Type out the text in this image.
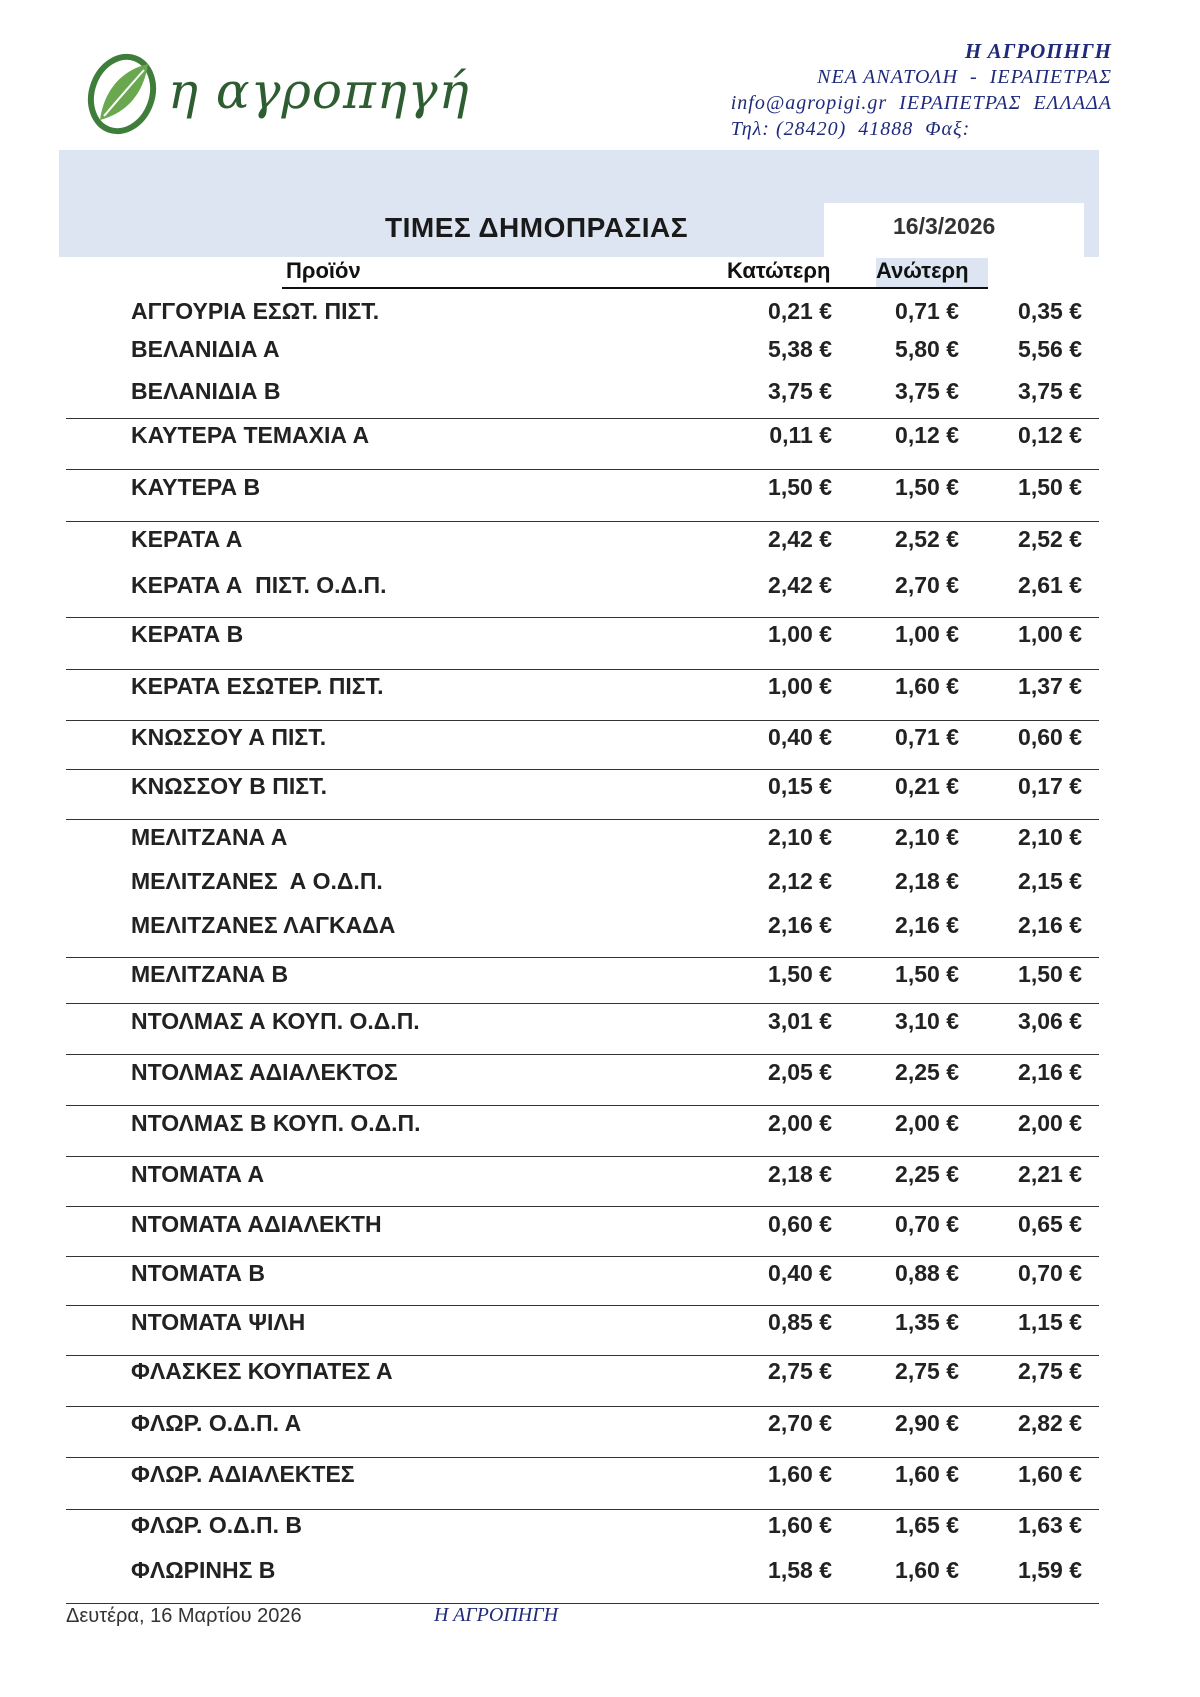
η αγροπηγή
Η ΑΓΡΟΠΗΓΗ
ΝΕΑ ΑΝΑΤΟΛΗ  -  ΙΕΡΑΠΕΤΡΑΣ
info@agropigi.gr  ΙΕΡΑΠΕΤΡΑΣ  ΕΛΛΑΔΑ
Τηλ: (28420)  41888  Φαξ:
ΤΙΜΕΣ ΔΗΜΟΠΡΑΣΙΑΣ	16/3/2026
Προϊόν	Κατώτερη Ανώτερη
ΑΓΓΟΥΡΙΑ ΕΣΩΤ. ΠΙΣΤ.	0,21 €	0,71 €	0,35 €
ΒΕΛΑΝΙΔΙΑ Α	5,38 €	5,80 €	5,56 €
ΒΕΛΑΝΙΔΙΑ Β	3,75 €	3,75 €	3,75 €
ΚΑΥΤΕΡΑ ΤΕΜΑΧΙΑ Α	0,11 €	0,12 €	0,12 €
ΚΑΥΤΕΡΑ Β	1,50 €	1,50 €	1,50 €
ΚΕΡΑΤΑ Α	2,42 €	2,52 €	2,52 €
ΚΕΡΑΤΑ Α  ΠΙΣΤ. Ο.Δ.Π.	2,42 €	2,70 €	2,61 €
ΚΕΡΑΤΑ Β	1,00 €	1,00 €	1,00 €
ΚΕΡΑΤΑ ΕΣΩΤΕΡ. ΠΙΣΤ.	1,00 €	1,60 €	1,37 €
ΚΝΩΣΣΟΥ Α ΠΙΣΤ.	0,40 €	0,71 €	0,60 €
ΚΝΩΣΣΟΥ Β ΠΙΣΤ.	0,15 €	0,21 €	0,17 €
ΜΕΛΙΤΖΑΝΑ Α	2,10 €	2,10 €	2,10 €
ΜΕΛΙΤΖΑΝΕΣ  Α Ο.Δ.Π.	2,12 €	2,18 €	2,15 €
ΜΕΛΙΤΖΑΝΕΣ ΛΑΓΚΑΔΑ	2,16 €	2,16 €	2,16 €
ΜΕΛΙΤΖΑΝΑ Β	1,50 €	1,50 €	1,50 €
ΝΤΟΛΜΑΣ Α ΚΟΥΠ. Ο.Δ.Π.	3,01 €	3,10 €	3,06 €
ΝΤΟΛΜΑΣ ΑΔΙΑΛΕΚΤΟΣ	2,05 €	2,25 €	2,16 €
ΝΤΟΛΜΑΣ Β ΚΟΥΠ. Ο.Δ.Π.	2,00 €	2,00 €	2,00 €
ΝΤΟΜΑΤΑ Α	2,18 €	2,25 €	2,21 €
ΝΤΟΜΑΤΑ ΑΔΙΑΛΕΚΤΗ	0,60 €	0,70 €	0,65 €
ΝΤΟΜΑΤΑ Β	0,40 €	0,88 €	0,70 €
ΝΤΟΜΑΤΑ ΨΙΛΗ	0,85 €	1,35 €	1,15 €
ΦΛΑΣΚΕΣ ΚΟΥΠΑΤΕΣ Α	2,75 €	2,75 €	2,75 €
ΦΛΩΡ. Ο.Δ.Π. Α	2,70 €	2,90 €	2,82 €
ΦΛΩΡ. ΑΔΙΑΛΕΚΤΕΣ	1,60 €	1,60 €	1,60 €
ΦΛΩΡ. Ο.Δ.Π. Β	1,60 €	1,65 €	1,63 €
ΦΛΩΡΙΝΗΣ Β	1,58 €	1,60 €	1,59 €
Δευτέρα, 16 Μαρτίου 2026	Η ΑΓΡΟΠΗΓΗ
